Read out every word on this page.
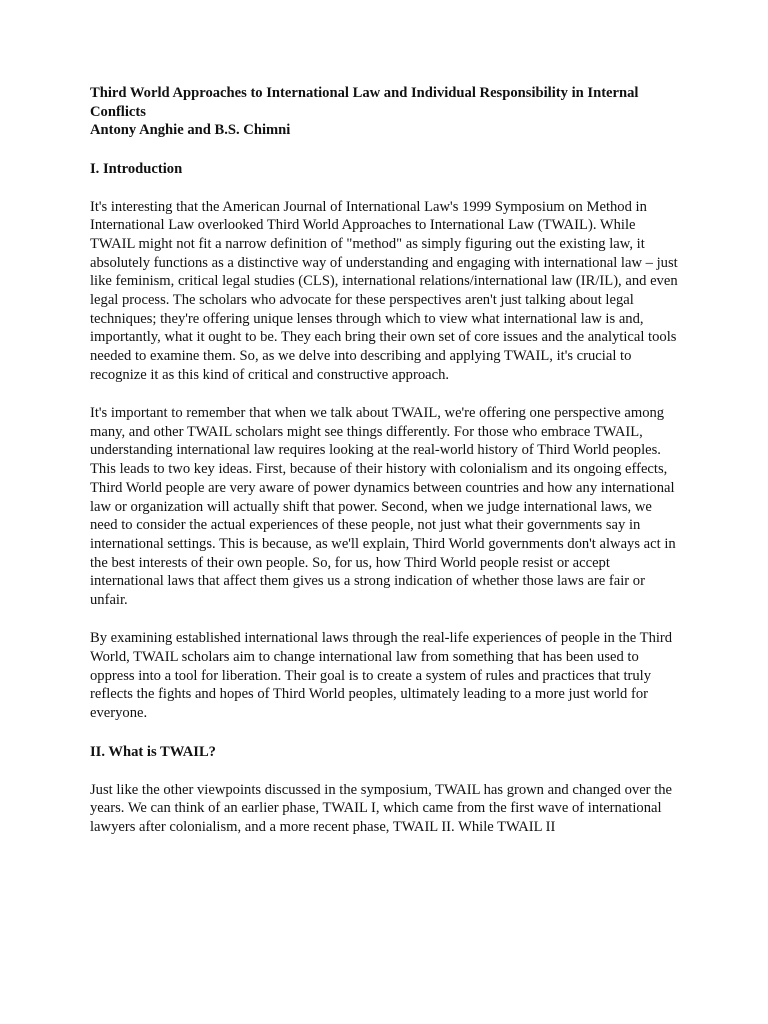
Third World Approaches to International Law and Individual Responsibility in Internal Conflicts

Antony Anghie and B.S. Chimni

I. Introduction

It's interesting that the American Journal of International Law's 1999 Symposium on Method in International Law overlooked Third World Approaches to International Law (TWAIL). While TWAIL might not fit a narrow definition of "method" as simply figuring out the existing law, it absolutely functions as a distinctive way of understanding and engaging with international law – just like feminism, critical legal studies (CLS), international relations/international law (IR/IL), and even legal process. The scholars who advocate for these perspectives aren't just talking about legal techniques; they're offering unique lenses through which to view what international law is and, importantly, what it ought to be. They each bring their own set of core issues and the analytical tools needed to examine them. So, as we delve into describing and applying TWAIL, it's crucial to recognize it as this kind of critical and constructive approach.

It's important to remember that when we talk about TWAIL, we're offering one perspective among many, and other TWAIL scholars might see things differently. For those who embrace TWAIL, understanding international law requires looking at the real-world history of Third World peoples. This leads to two key ideas. First, because of their history with colonialism and its ongoing effects, Third World people are very aware of power dynamics between countries and how any international law or organization will actually shift that power. Second, when we judge international laws, we need to consider the actual experiences of these people, not just what their governments say in international settings. This is because, as we'll explain, Third World governments don't always act in the best interests of their own people. So, for us, how Third World people resist or accept international laws that affect them gives us a strong indication of whether those laws are fair or unfair.

By examining established international laws through the real-life experiences of people in the Third World, TWAIL scholars aim to change international law from something that has been used to oppress into a tool for liberation. Their goal is to create a system of rules and practices that truly reflects the fights and hopes of Third World peoples, ultimately leading to a more just world for everyone.

II. What is TWAIL?

Just like the other viewpoints discussed in the symposium, TWAIL has grown and changed over the years. We can think of an earlier phase, TWAIL I, which came from the first wave of international lawyers after colonialism, and a more recent phase, TWAIL II. While TWAIL II
